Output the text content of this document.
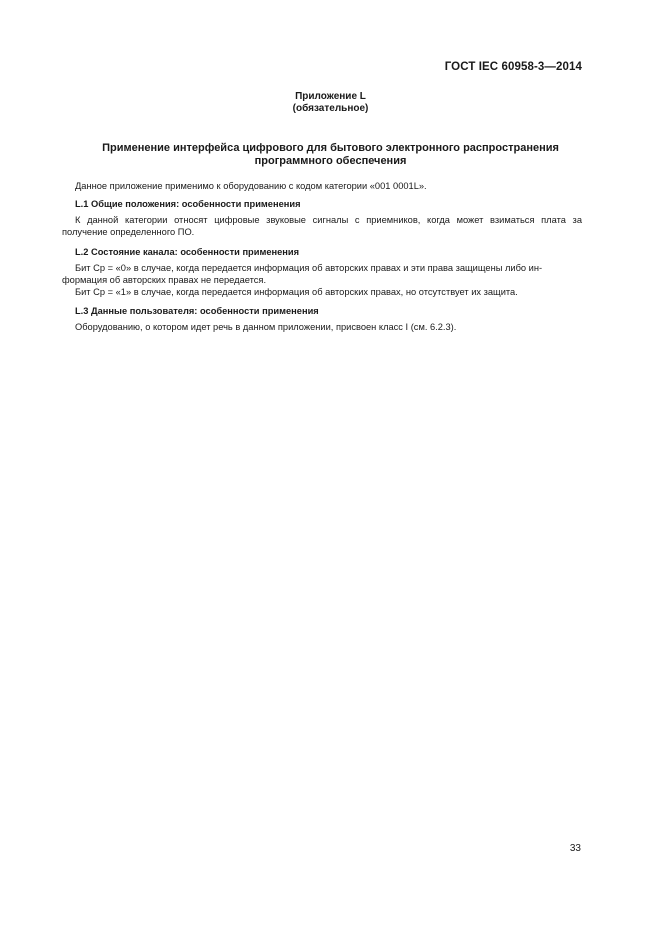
ГОСТ IEC 60958-3—2014
Приложение L
(обязательное)
Применение интерфейса цифрового для бытового электронного распространения
программного обеспечения

Данное приложение применимо к оборудованию с кодом категории «001 0001L».

L.1 Общие положения: особенности применения

К данной категории относят цифровые звуковые сигналы с приемников, когда может взиматься плата за
получение определенного ПО.

L.2 Состояние канала: особенности применения

Бит Cp = «0» в случае, когда передается информация об авторских правах и эти права защищены либо ин-
формация об авторских правах не передается.
Бит Cp = «1» в случае, когда передается информация об авторских правах, но отсутствует их защита.

L.3 Данные пользователя: особенности применения

Оборудованию, о котором идет речь в данном приложении, присвоен класс I (см. 6.2.3).
33
